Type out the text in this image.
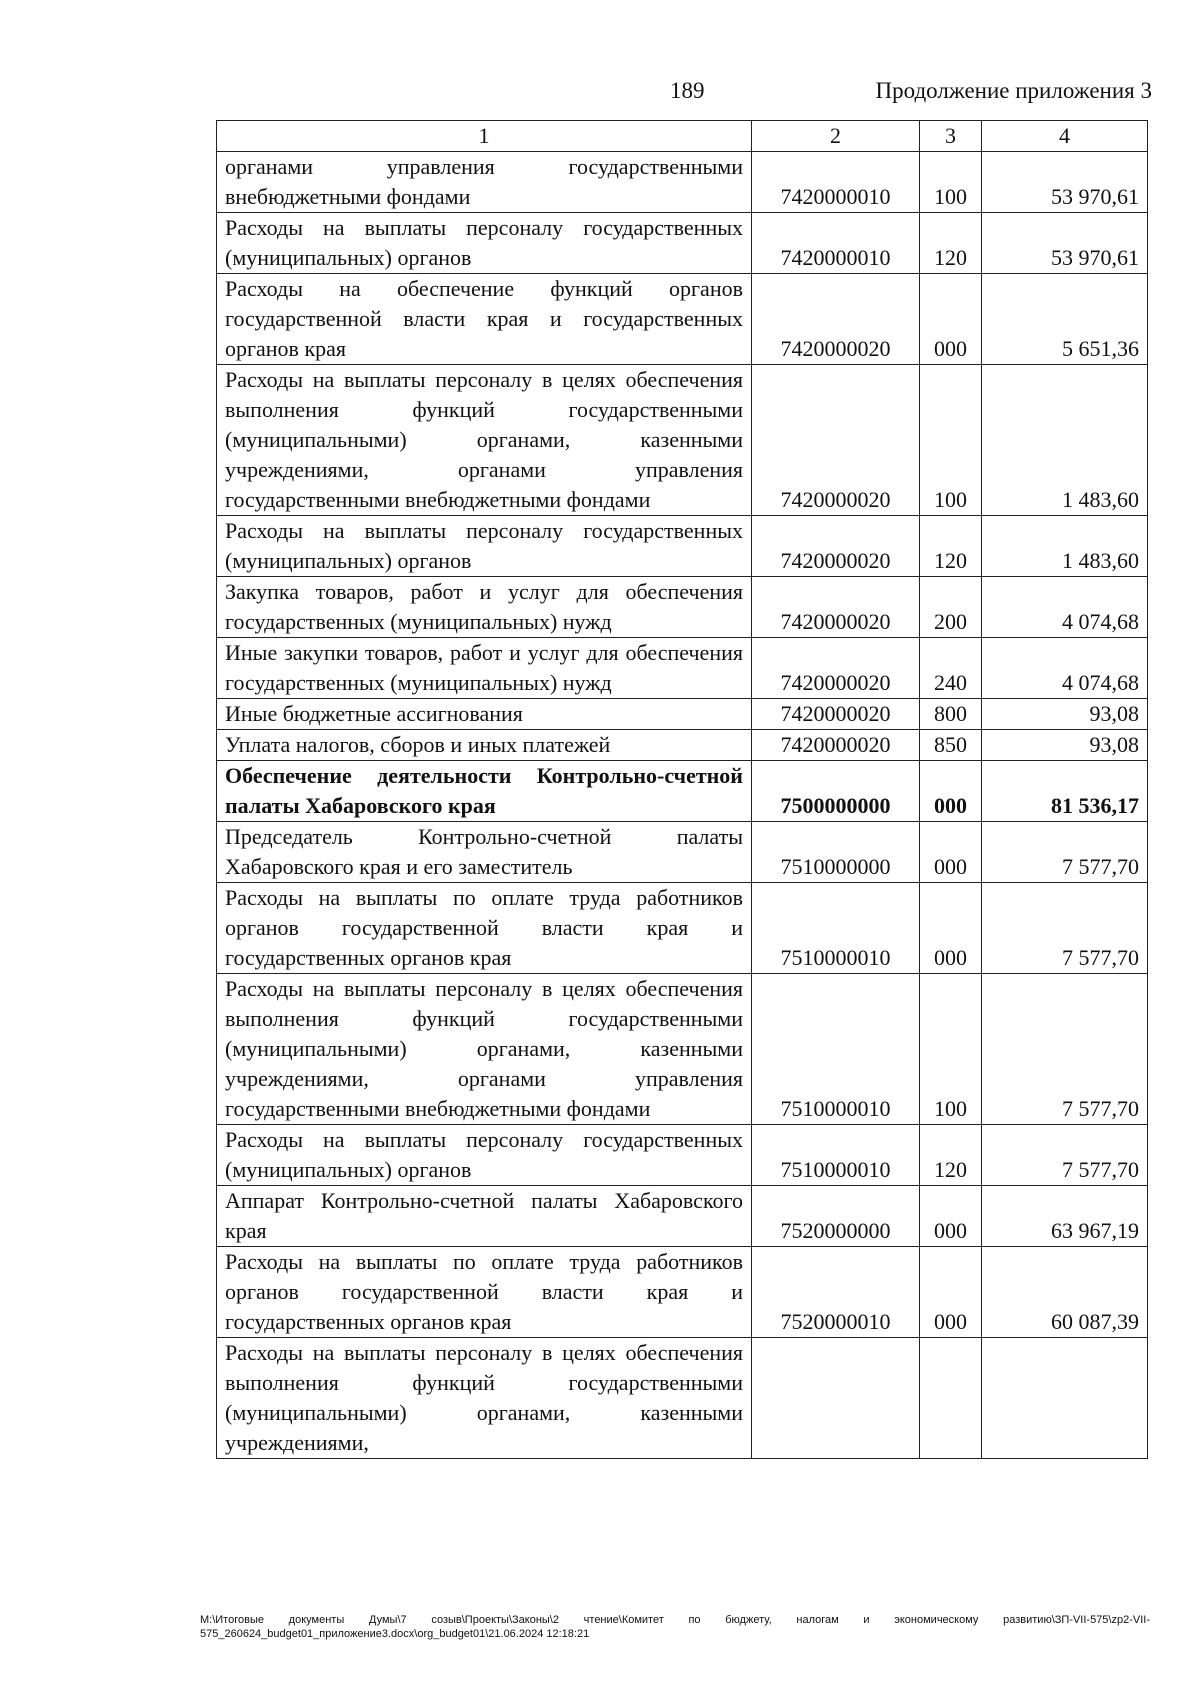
189	Продолжение приложения 3
1	2	3	4
органами управления государственными внебюджетными фондами	7420000010	100	53 970,61
Расходы на выплаты персоналу государственных (муниципальных) органов	7420000010	120	53 970,61
Расходы на обеспечение функций органов государственной власти края и государственных органов края	7420000020	000	5 651,36
Расходы на выплаты персоналу в целях обеспечения выполнения функций государственными (муниципальными) органами, казенными учреждениями, органами управления государственными внебюджетными фондами	7420000020	100	1 483,60
Расходы на выплаты персоналу государственных (муниципальных) органов	7420000020	120	1 483,60
Закупка товаров, работ и услуг для обеспечения государственных (муниципальных) нужд	7420000020	200	4 074,68
Иные закупки товаров, работ и услуг для обеспечения государственных (муниципальных) нужд	7420000020	240	4 074,68
Иные бюджетные ассигнования	7420000020	800	93,08
Уплата налогов, сборов и иных платежей	7420000020	850	93,08
Обеспечение деятельности Контрольно-счетной палаты Хабаровского края	7500000000	000	81 536,17
Председатель Контрольно-счетной палаты Хабаровского края и его заместитель	7510000000	000	7 577,70
Расходы на выплаты по оплате труда работников органов государственной власти края и государственных органов края	7510000010	000	7 577,70
Расходы на выплаты персоналу в целях обеспечения выполнения функций государственными (муниципальными) органами, казенными учреждениями, органами управления государственными внебюджетными фондами	7510000010	100	7 577,70
Расходы на выплаты персоналу государственных (муниципальных) органов	7510000010	120	7 577,70
Аппарат Контрольно-счетной палаты Хабаровского края	7520000000	000	63 967,19
Расходы на выплаты по оплате труда работников органов государственной власти края и государственных органов края	7520000010	000	60 087,39
Расходы на выплаты персоналу в целях обеспечения выполнения функций государственными (муниципальными) органами, казенными учреждениями,			
M:\Итоговые документы Думы\7 созыв\Проекты\Законы\2 чтение\Комитет по бюджету, налогам и экономическому развитию\ЗП-VII-575\zp2-VII-575_260624_budget01_приложение3.docx\org_budget01\21.06.2024 12:18:21
